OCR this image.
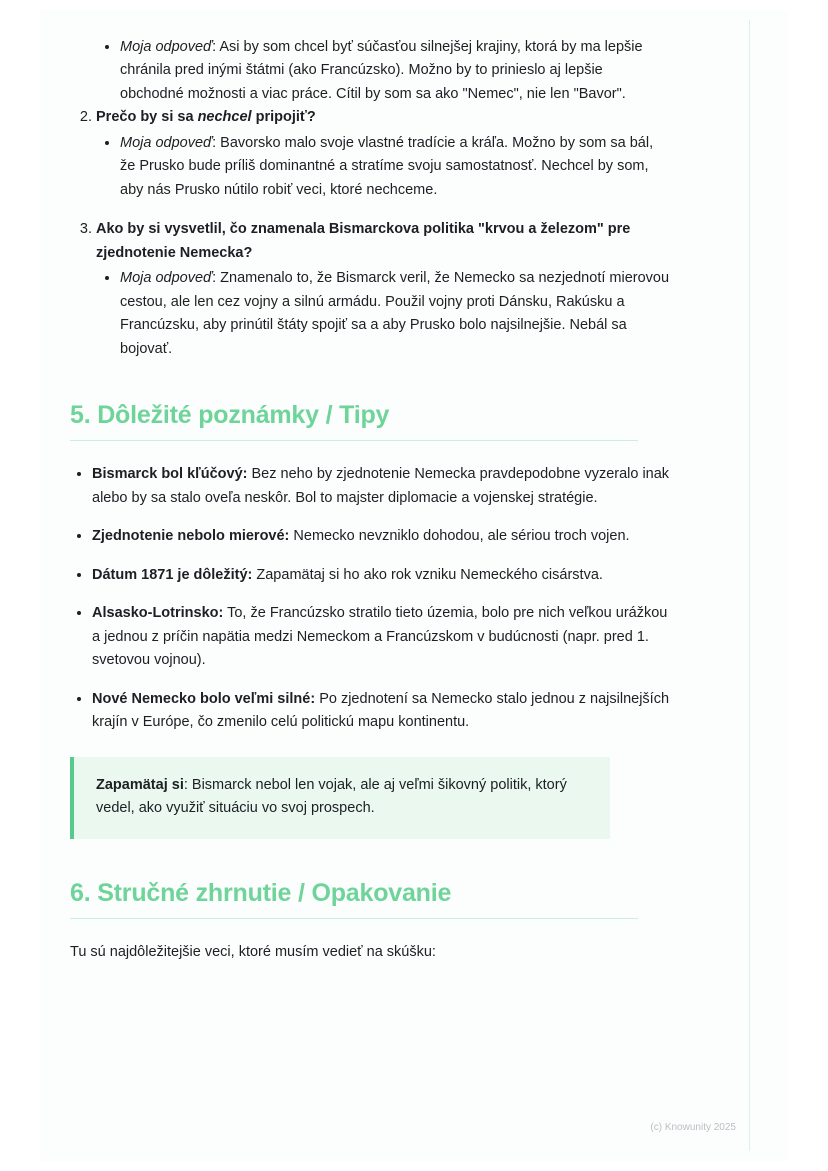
• Moja odpoveď: Asi by som chcel byť súčasťou silnejšej krajiny, ktorá by ma lepšie chránila pred inými štátmi (ako Francúzsko). Možno by to prinieslo aj lepšie obchodné možnosti a viac práce. Cítil by som sa ako "Nemec", nie len "Bavor".
2. Prečo by si sa nechcel pripojiť?
• Moja odpoveď: Bavorsko malo svoje vlastné tradície a kráľa. Možno by som sa bál, že Prusko bude príliš dominantné a stratíme svoju samostatnosť. Nechcel by som, aby nás Prusko nútilo robiť veci, ktoré nechceme.
3. Ako by si vysvetlil, čo znamenala Bismarckova politika "krvou a železom" pre zjednotenie Nemecka?
• Moja odpoveď: Znamenalo to, že Bismarck veril, že Nemecko sa nezjednotí mierovou cestou, ale len cez vojny a silnú armádu. Použil vojny proti Dánsku, Rakúsku a Francúzsku, aby prinútil štáty spojiť sa a aby Prusko bolo najsilnejšie. Nebál sa bojovať.
5. Dôležité poznámky / Tipy
• Bismarck bol kľúčový: Bez neho by zjednotenie Nemecka pravdepodobne vyzeralo inak alebo by sa stalo oveľa neskôr. Bol to majster diplomacie a vojenskej stratégie.
• Zjednotenie nebolo mierové: Nemecko nevzniklo dohodou, ale sériou troch vojen.
• Dátum 1871 je dôležitý: Zapamätaj si ho ako rok vzniku Nemeckého cisárstva.
• Alsasko-Lotrinsko: To, že Francúzsko stratilo tieto územia, bolo pre nich veľkou urážkou a jednou z príčin napätia medzi Nemeckom a Francúzskom v budúcnosti (napr. pred 1. svetovou vojnou).
• Nové Nemecko bolo veľmi silné: Po zjednotení sa Nemecko stalo jednou z najsilnejších krajín v Európe, čo zmenilo celú politickú mapu kontinentu.

Zapamätaj si: Bismarck nebol len vojak, ale aj veľmi šikovný politik, ktorý vedel, ako využiť situáciu vo svoj prospech.

6. Stručné zhrnutie / Opakovanie

Tu sú najdôležitejšie veci, ktoré musím vedieť na skúšku:

(c) Knowunity 2025
